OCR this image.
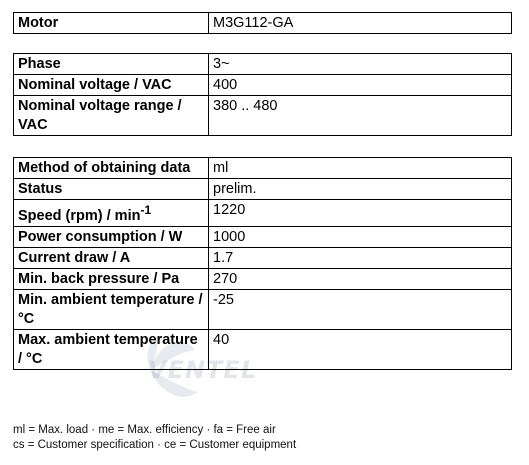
VENTEL
Motor	M3G112-GA
Phase	3~
Nominal voltage / VAC	400
Nominal voltage range / VAC	380 .. 480
Method of obtaining data	ml
Status	prelim.
Speed $(rpm) / \min^{-1}$	1220
Power consumption / W	1000
Current draw / A	1.7
Min. back pressure / Pa	270
Min. ambient temperature / °C	-25
Max. ambient temperature / °C	40
ml = Max. load · me = Max. efficiency · fa = Free air
cs = Customer specification · ce = Customer equipment
